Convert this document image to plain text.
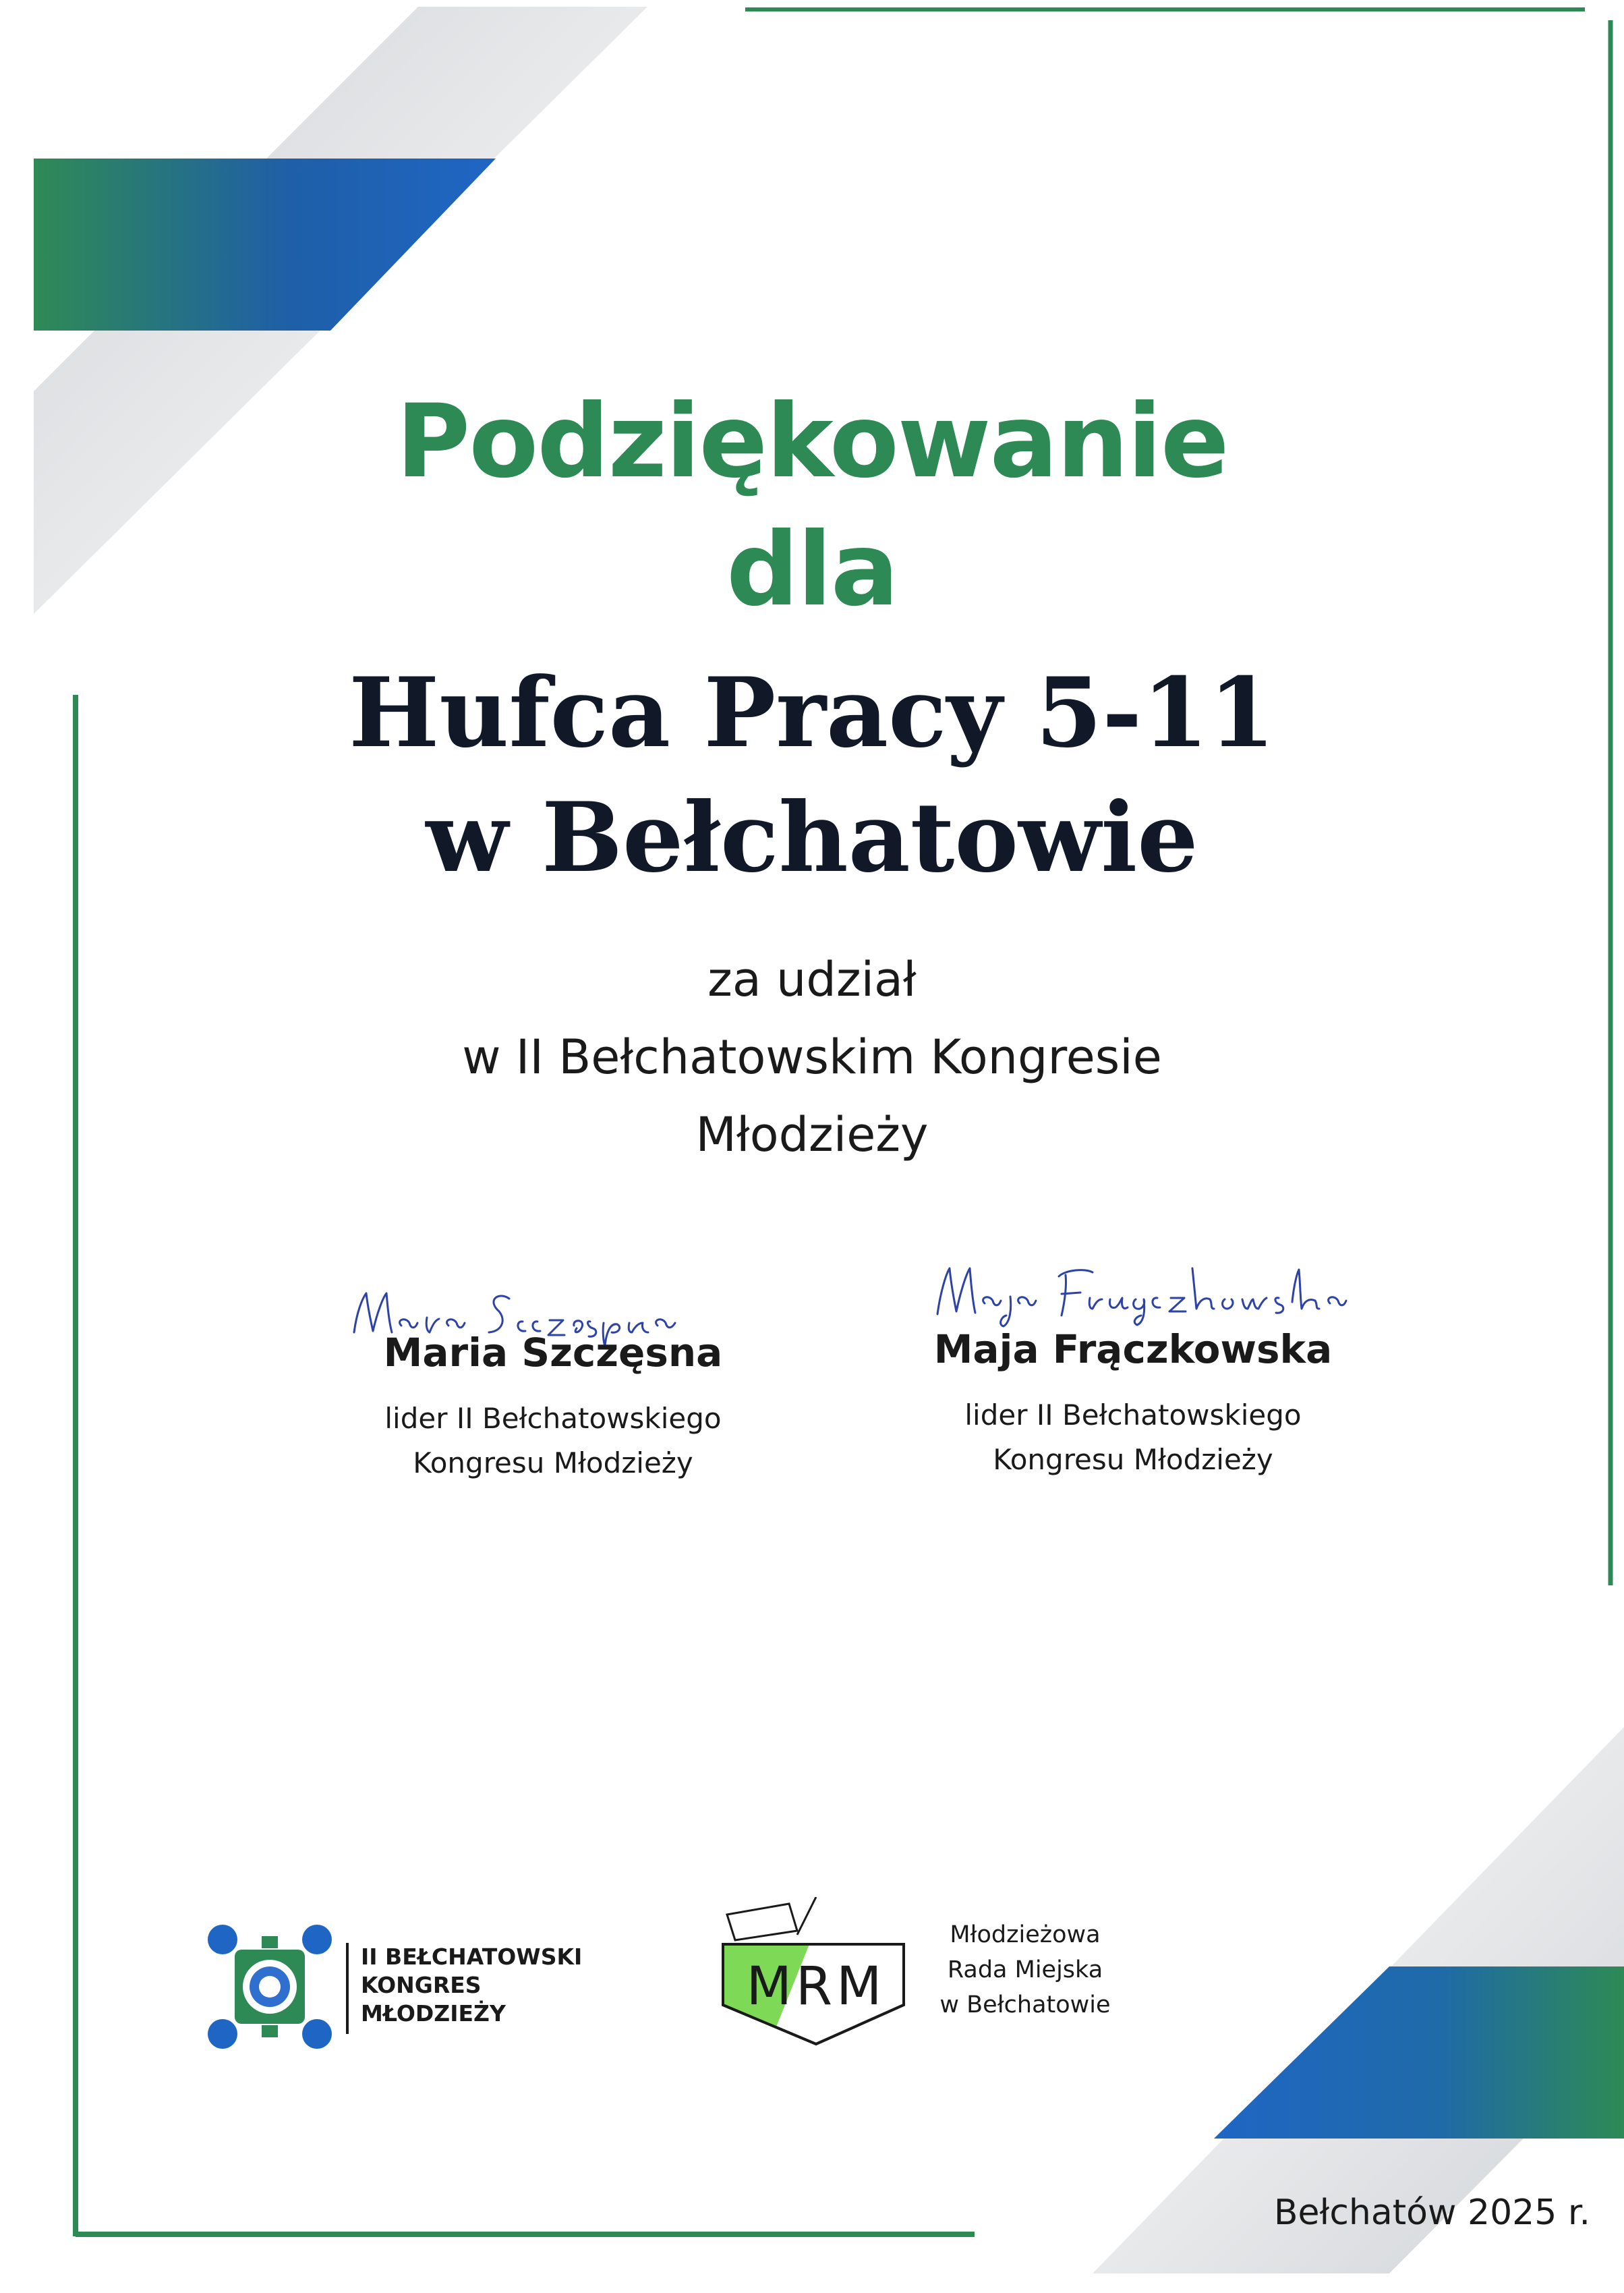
Podziękowanie
dla
Hufca Pracy 5-11
w Bełchatowie
za udział
w II Bełchatowskim Kongresie
Młodzieży
Maria Szczęsna
lider II Bełchatowskiego
Kongresu Młodzieży
Maja Frączkowska
lider II Bełchatowskiego
Kongresu Młodzieży
II BEŁCHATOWSKI
KONGRES
MŁODZIEŻY	MRM
Młodzieżowa
Rada Miejska
w Bełchatowie
Bełchatów 2025 r.
